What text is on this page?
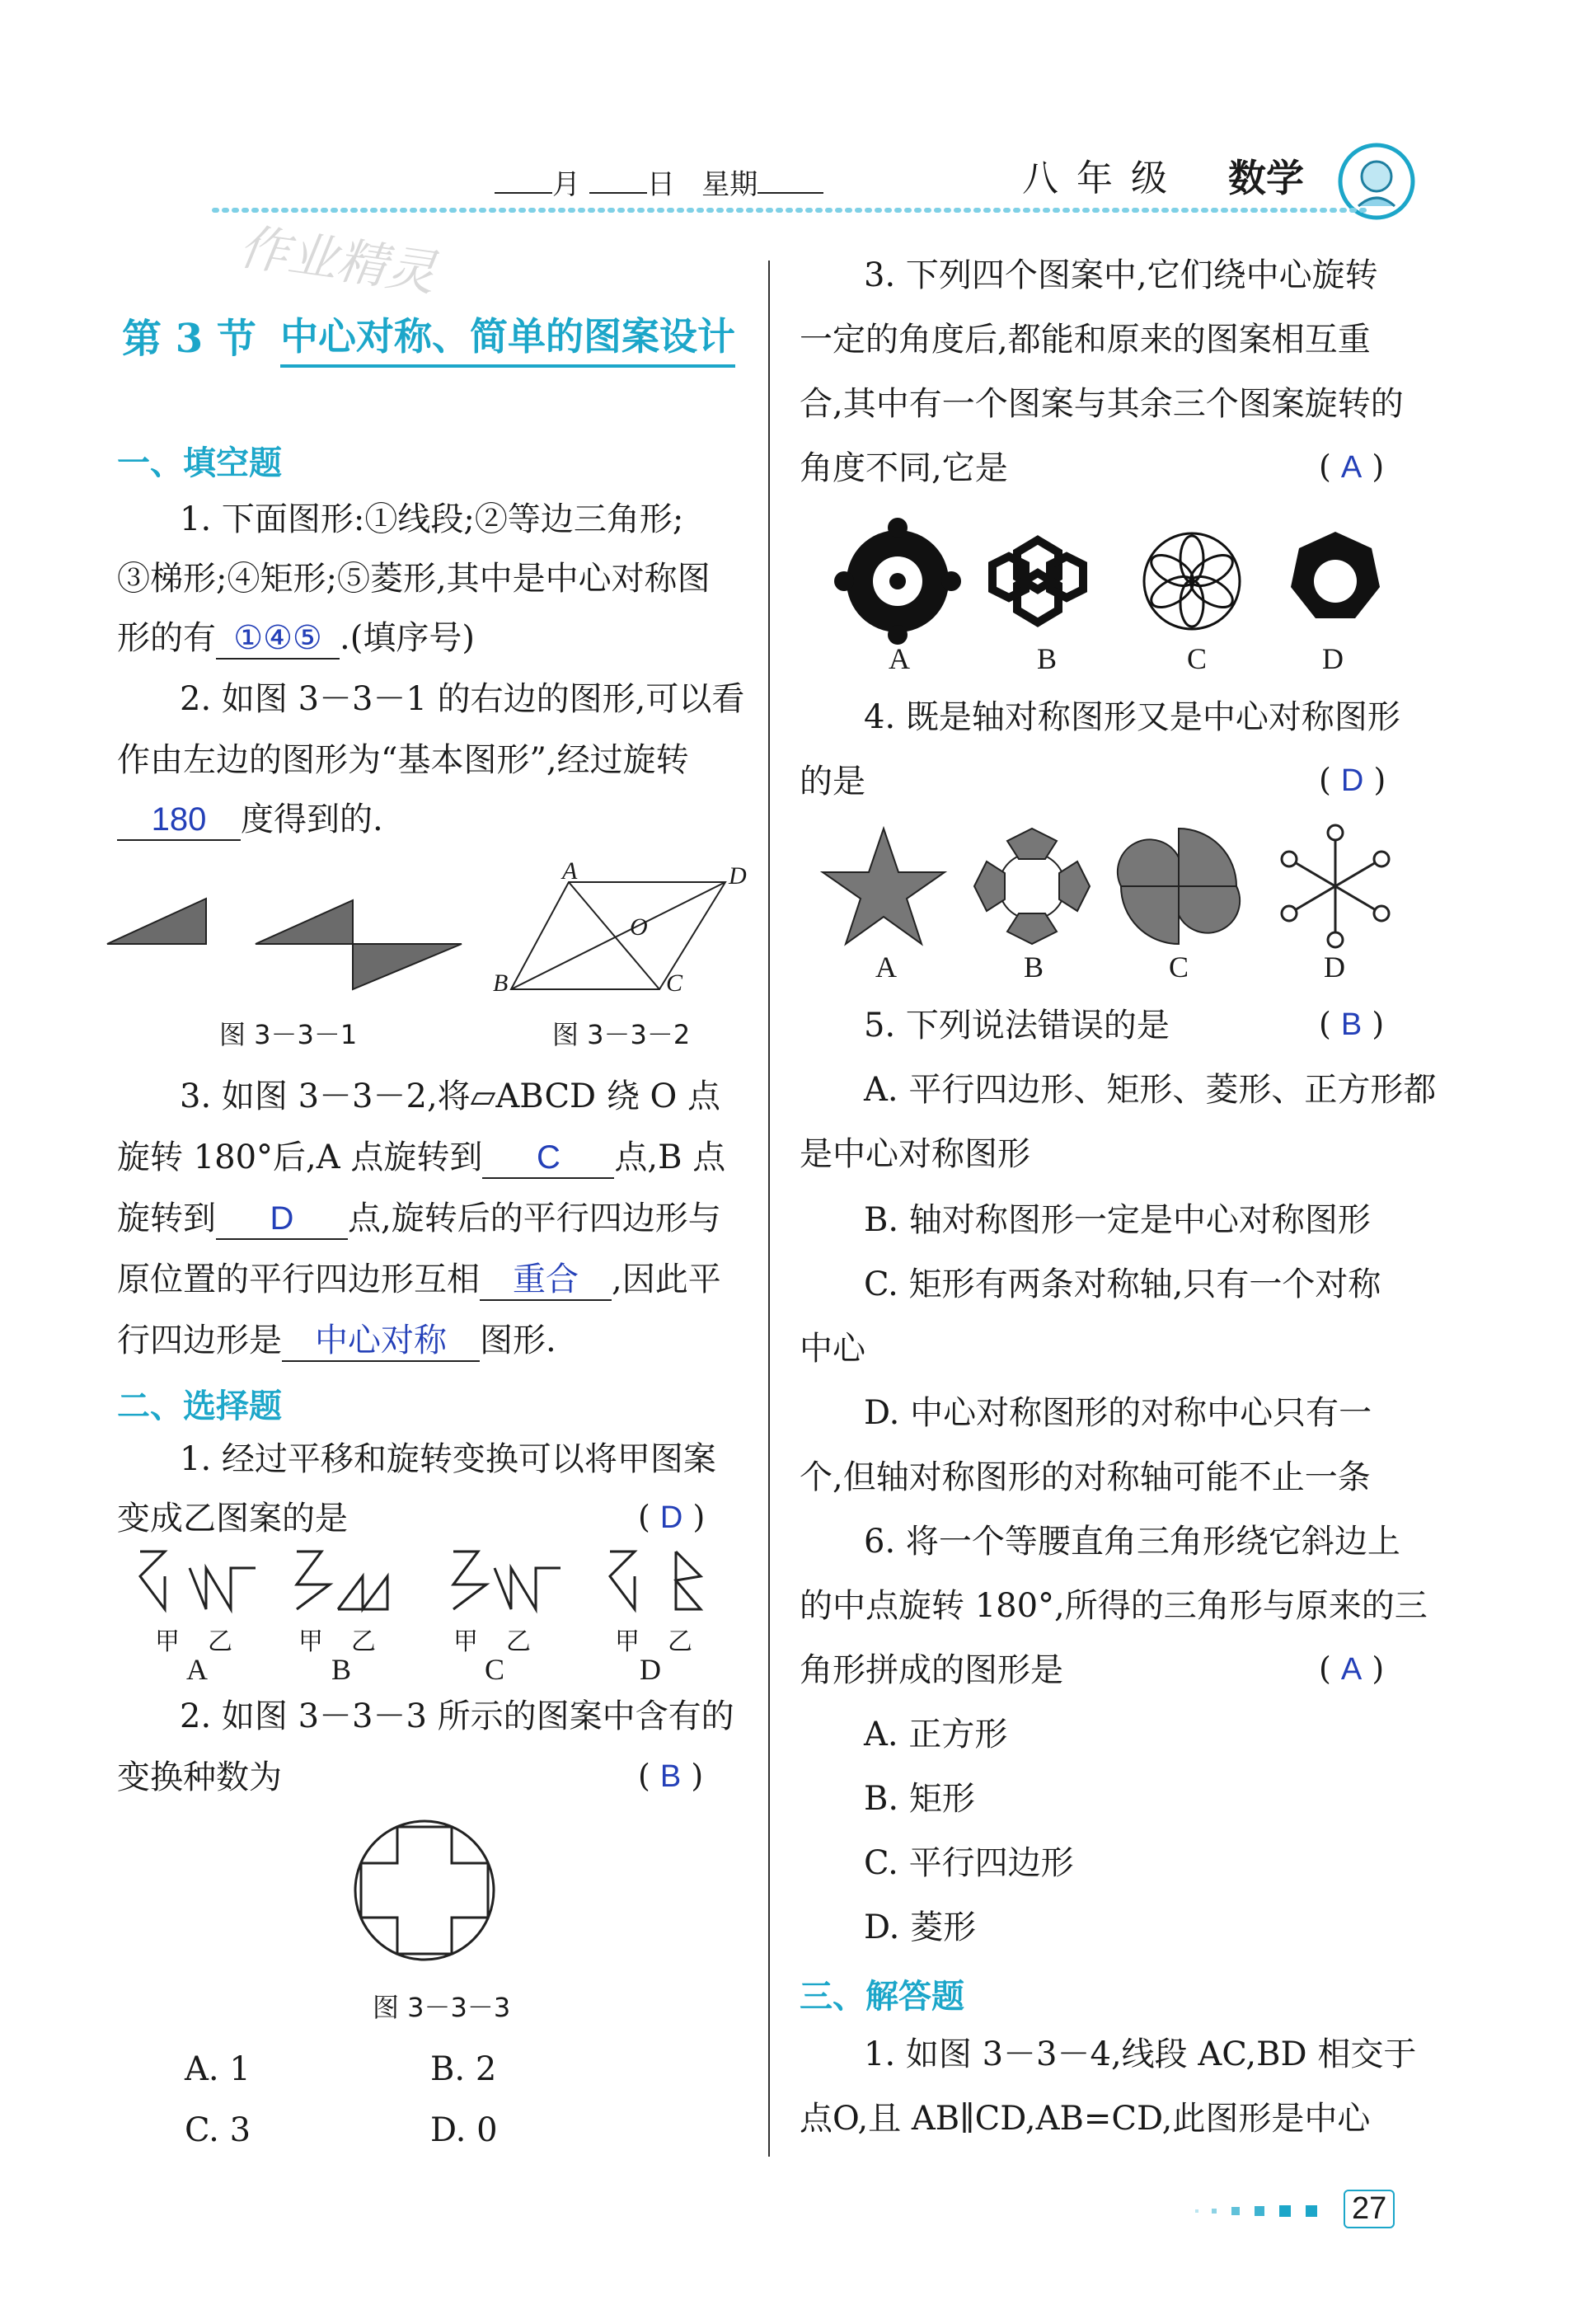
月 日 星期	八年级 数学
作业精灵
第 3 节 中心对称、简单的图案设计
一、填空题
1. 下面图形:①线段;②等边三角形;
③梯形;④矩形;⑤菱形,其中是中心对称图
形的有 ①④⑤ .(填序号)
2. 如图 3－3－1 的右边的图形,可以看
作由左边的图形为“基本图形”,经过旋转
180 度得到的.
图 3－3－1
A	D
B	C
O
图 3－3－2
3. 如图 3－3－2,将▱ABCD 绕 O 点
旋转 180°后,A 点旋转到 C 点,B 点
旋转到 D 点,旋转后的平行四边形与
原位置的平行四边形互相 重合 ,因此平
行四边形是 中心对称 图形.
二、选择题
1. 经过平移和旋转变换可以将甲图案
变成乙图案的是	( D )
甲 乙	甲 乙	甲 乙	甲 乙
A	B	C	D
2. 如图 3－3－3 所示的图案中含有的
变换种数为	( B )
图 3－3－3
A. 1	B. 2
C. 3	D. 0
3. 下列四个图案中,它们绕中心旋转
一定的角度后,都能和原来的图案相互重
合,其中有一个图案与其余三个图案旋转的
角度不同,它是	( A )
A	B	C	D
4. 既是轴对称图形又是中心对称图形
的是	( D )
A	B	C	D
5. 下列说法错误的是	( B )
A. 平行四边形、矩形、菱形、正方形都
是中心对称图形
B. 轴对称图形一定是中心对称图形
C. 矩形有两条对称轴,只有一个对称
中心
D. 中心对称图形的对称中心只有一
个,但轴对称图形的对称轴可能不止一条
6. 将一个等腰直角三角形绕它斜边上
的中点旋转 180°,所得的三角形与原来的三
角形拼成的图形是	( A )
A. 正方形
B. 矩形
C. 平行四边形
D. 菱形
三、解答题
1. 如图 3－3－4,线段 AC,BD 相交于
点O,且 AB∥CD,AB=CD,此图形是中心
27
